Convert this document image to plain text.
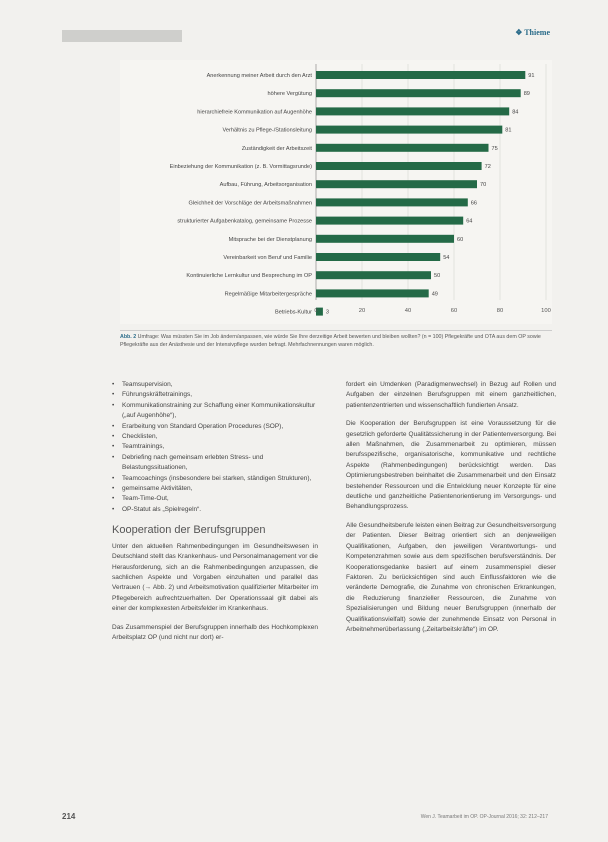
❖ Thieme
Anerkennung meiner Arbeit durch den Arzt	91
höhere Vergütung	89
hierarchiefreie Kommunikation auf Augenhöhe	84
Verhältnis zu Pflege-/Stationsleitung	81
Zuständigkeit der Arbeitszeit	75
Einbeziehung der Kommunikation (z. B. Vormittagsrunde)	72
Aufbau, Führung, Arbeitsorganisation	70
Gleichheit der Vorschläge der Arbeitsmaßnahmen	66
strukturierter Aufgabenkatalog, gemeinsame Prozesse	64
Mitsprache bei der Dienstplanung	60
Vereinbarkeit von Beruf und Familie	54
Kontinuierliche Lernkultur und Besprechung im OP	50
Regelmäßige Mitarbeitergespräche	49
Betriebs-Kultur 3
0	20	40	60	80	100
Abb. 2 Umfrage: Was müssten Sie im Job ändern/anpassen, wie würde Sie Ihre derzeitige Arbeit bewerten und bleiben wollten? (n = 100) Pflegekräfte und OTA aus dem OP sowie Pflegekräfte aus der Anästhesie und der Intensivpflege wurden befragt. Mehrfachnennungen waren möglich.
• Teamsupervision,
• Führungskräftetrainings,
• Kommunikationstraining zur Schaffung einer Kommunikationskultur („auf Augenhöhe“),
• Erarbeitung von Standard Operation Procedures (SOP),
• Checklisten,
• Teamtrainings,
• Debriefing nach gemeinsam erlebten Stress- und Belastungssituationen,
• Teamcoachings (insbesondere bei starken, ständigen Strukturen),
• gemeinsame Aktivitäten,
• Team-Time-Out,
• OP-Statut als „Spielregeln“.
Kooperation der Berufsgruppen

Unter den aktuellen Rahmenbedingungen im Gesundheitswesen in Deutschland stellt das Krankenhaus- und Personalmanagement vor die Herausforderung, sich an die Rahmenbedingungen anzupassen, die sachlichen Aspekte und Vorgaben einzuhalten und parallel das Vertrauen (→ Abb. 2) und Arbeitsmotivation qualifizierter Mitarbeiter im Pflegebereich aufrechtzuerhalten. Der Operationssaal gilt dabei als einer der komplexesten Arbeitsfelder im Krankenhaus.

Das Zusammenspiel der Berufsgruppen innerhalb des Hochkomplexen Arbeitsplatz OP (und nicht nur dort) er-

fordert ein Umdenken (Paradigmenwechsel) in Bezug auf Rollen und Aufgaben der einzelnen Berufsgruppen mit einem ganzheitlichen, patientenzentrierten und wissenschaftlich fundierten Ansatz.

Die Kooperation der Berufsgruppen ist eine Voraussetzung für die gesetzlich geforderte Qualitätssicherung in der Patientenversorgung. Bei allen Maßnahmen, die Zusammenarbeit zu optimieren, müssen berufsspezifische, organisatorische, kommunikative und rechtliche Aspekte (Rahmenbedingungen) berücksichtigt werden. Das Optimierungsbestreben beinhaltet die Zusammenarbeit und den Einsatz bestehender Ressourcen und die Entwicklung neuer Konzepte für eine deutliche und ganzheitliche Patientenorientierung im Versorgungs- und Behandlungsprozess.

Alle Gesundheitsberufe leisten einen Beitrag zur Gesundheitsversorgung der Patienten. Dieser Beitrag orientiert sich an denjeweiligen Qualifikationen, Aufgaben, den jeweiligen Verantwortungs- und Kompetenzrahmen sowie aus dem spezifischen berufsverständnis. Der Kooperationsgedanke basiert auf einem zusammenspiel dieser Faktoren. Zu berücksichtigen sind auch Einflussfaktoren wie die veränderte Demografie, die Zunahme von chronischen Erkrankungen, die Reduzierung finanzieller Ressourcen, die Zunahme von Spezialisierungen und Bildung neuer Berufsgruppen (innerhalb der Qualifikationsvielfalt) sowie der zunehmende Einsatz von Personal in Arbeitnehmerüberlassung („Zeitarbeitskräfte“) im OP.

214	Wen J. Teamarbeit im OP. OP-Journal 2016; 32: 212–217
